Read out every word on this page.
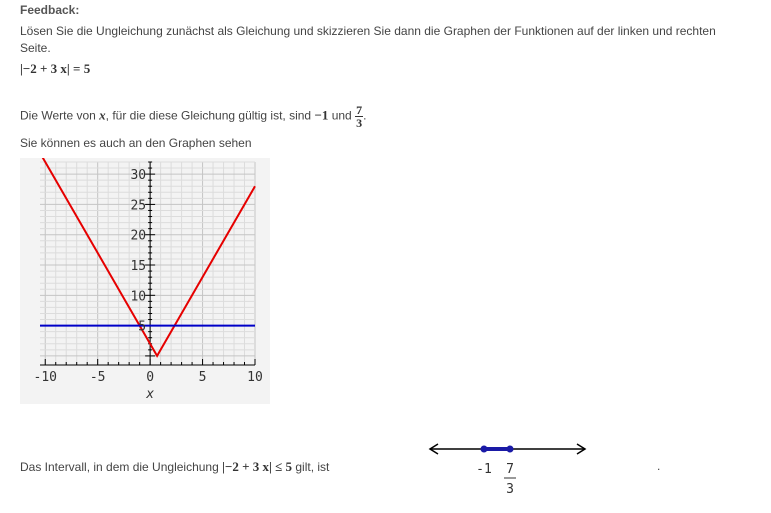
Feedback:
Lösen Sie die Ungleichung zunächst als Gleichung und skizzieren Sie dann die Graphen der Funktionen auf der linken und rechten
Seite.
|−2 + 3 x| = 5
Die Werte von x, für die diese Gleichung gültig ist, sind −1 und $\frac{7}{3}$ .
Sie können es auch an den Graphen sehen
-10	-5	0	5	10
5
10
15
20
25
30
x
Das Intervall, in dem die Ungleichung |−2 + 3 x| ≤ 5 gilt, ist	-1 7
3
.
